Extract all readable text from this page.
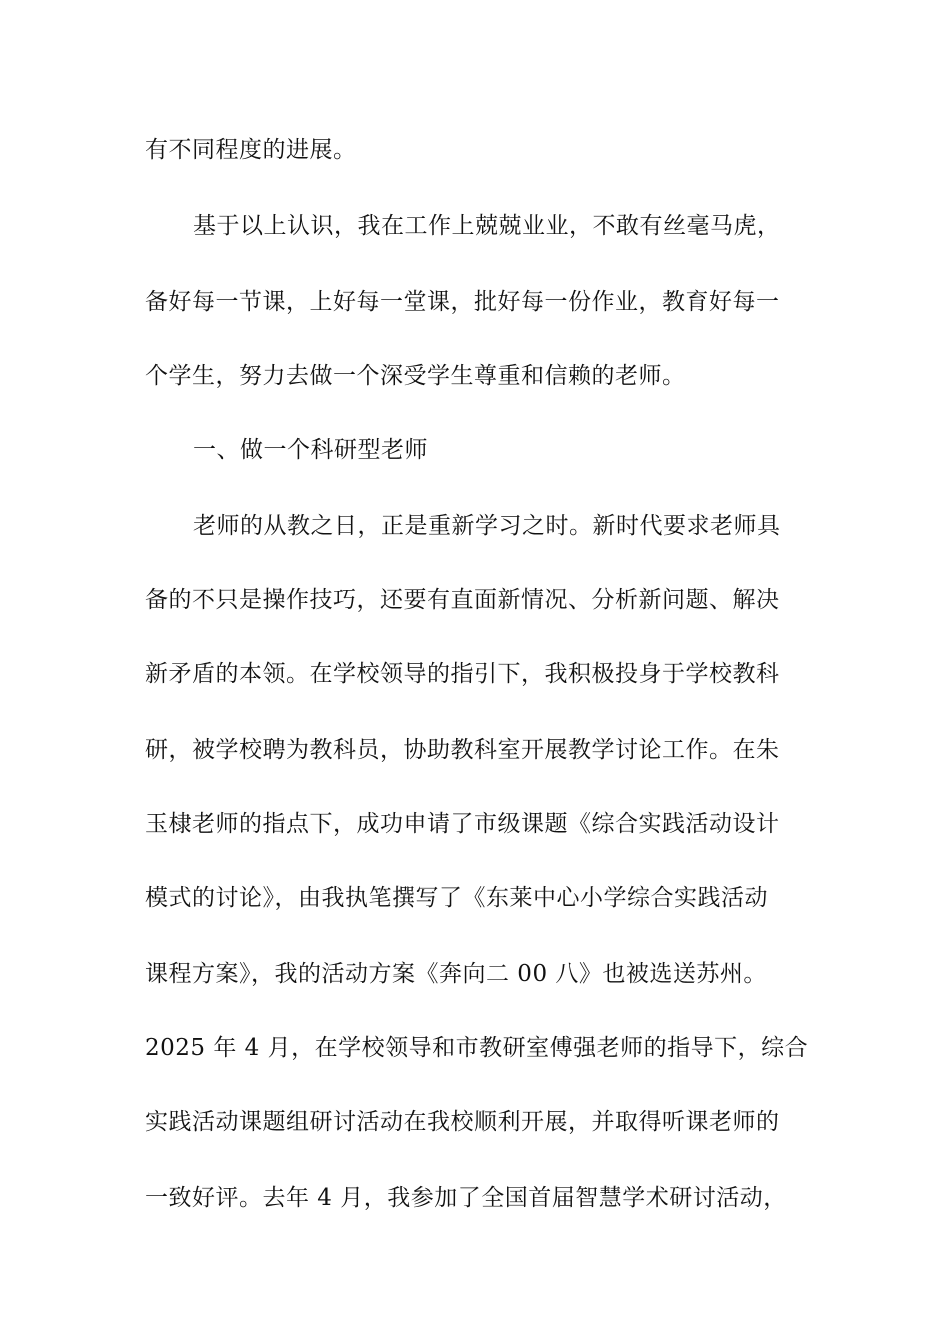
有不同程度的进展。
基于以上认识，我在工作上兢兢业业，不敢有丝毫马虎，
备好每一节课，上好每一堂课，批好每一份作业，教育好每一
个学生，努力去做一个深受学生尊重和信赖的老师。
一、做一个科研型老师
老师的从教之日，正是重新学习之时。新时代要求老师具
备的不只是操作技巧，还要有直面新情况、分析新问题、解决
新矛盾的本领。在学校领导的指引下，我积极投身于学校教科
研，被学校聘为教科员，协助教科室开展教学讨论工作。在朱
玉棣老师的指点下，成功申请了市级课题《综合实践活动设计
模式的讨论》，由我执笔撰写了《东莱中心小学综合实践活动
课程方案》，我的活动方案《奔向二 00 八》也被选送苏州。
2025 年 4 月，在学校领导和市教研室傅强老师的指导下，综合
实践活动课题组研讨活动在我校顺利开展，并取得听课老师的
一致好评。去年 4 月，我参加了全国首届智慧学术研讨活动，
